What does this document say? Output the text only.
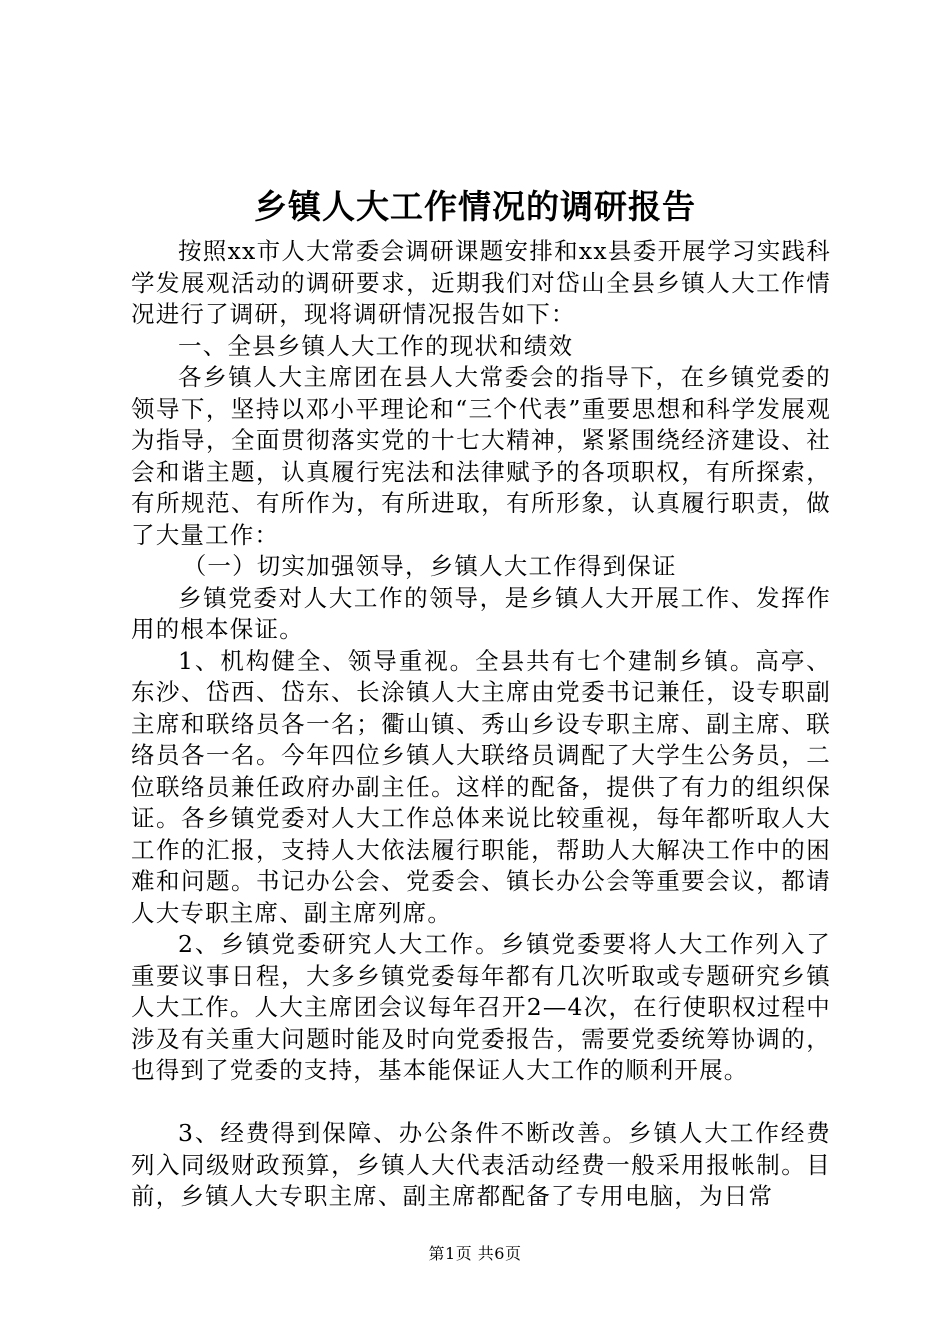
乡镇人大工作情况的调研报告

按照xx市人大常委会调研课题安排和xx县委开展学习实践科学发展观活动的调研要求，近期我们对岱山全县乡镇人大工作情况进行了调研，现将调研情况报告如下：

一、全县乡镇人大工作的现状和绩效

各乡镇人大主席团在县人大常委会的指导下，在乡镇党委的领导下，坚持以邓小平理论和“三个代表”重要思想和科学发展观为指导，全面贯彻落实党的十七大精神，紧紧围绕经济建设、社会和谐主题，认真履行宪法和法律赋予的各项职权，有所探索，有所规范、有所作为，有所进取，有所形象，认真履行职责，做了大量工作：

（一）切实加强领导，乡镇人大工作得到保证

乡镇党委对人大工作的领导，是乡镇人大开展工作、发挥作用的根本保证。

1、机构健全、领导重视。全县共有七个建制乡镇。高亭、东沙、岱西、岱东、长涂镇人大主席由党委书记兼任，设专职副主席和联络员各一名；衢山镇、秀山乡设专职主席、副主席、联络员各一名。今年四位乡镇人大联络员调配了大学生公务员，二位联络员兼任政府办副主任。这样的配备，提供了有力的组织保证。各乡镇党委对人大工作总体来说比较重视，每年都听取人大工作的汇报，支持人大依法履行职能，帮助人大解决工作中的困难和问题。书记办公会、党委会、镇长办公会等重要会议，都请人大专职主席、副主席列席。

2、乡镇党委研究人大工作。乡镇党委要将人大工作列入了重要议事日程，大多乡镇党委每年都有几次听取或专题研究乡镇人大工作。人大主席团会议每年召开2—4次，在行使职权过程中涉及有关重大问题时能及时向党委报告，需要党委统筹协调的，也得到了党委的支持，基本能保证人大工作的顺利开展。

3、经费得到保障、办公条件不断改善。乡镇人大工作经费列入同级财政预算，乡镇人大代表活动经费一般采用报帐制。目前，乡镇人大专职主席、副主席都配备了专用电脑，为日常

第1页 共6页
